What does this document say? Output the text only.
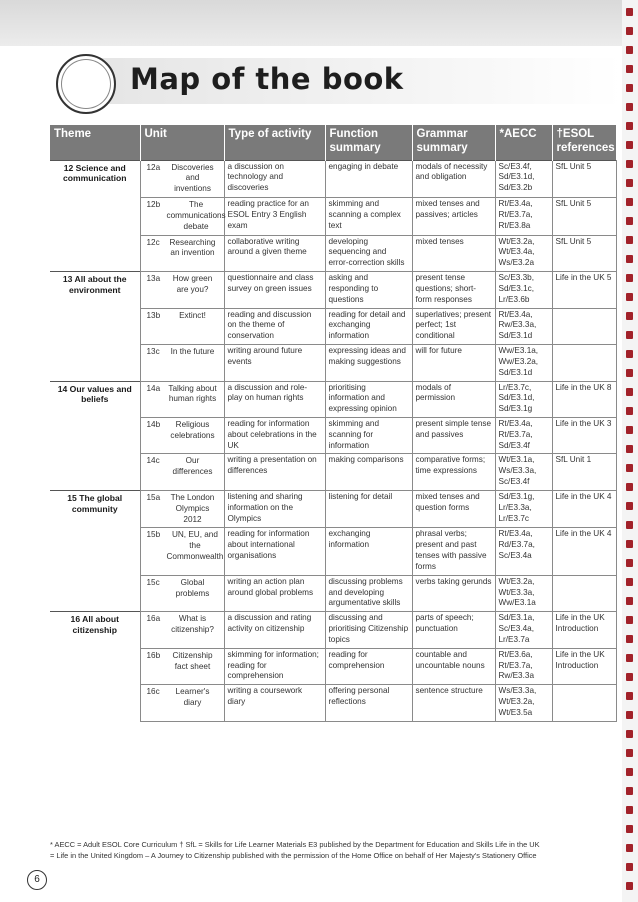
Map of the book
Theme	Unit	Type of activity	Function summary	Grammar summary	*AECC	†ESOL references
12 Science and communication	12a Discoveries and inventions	a discussion on technology and discoveries	engaging in debate	modals of necessity and obligation	Sc/E3.4f, Sd/E3.1d, Sd/E3.2b	SfL Unit 5

	12b The communications debate	reading practice for an ESOL Entry 3 English exam	skimming and scanning a complex text	mixed tenses and passives; articles	Rt/E3.4a, Rt/E3.7a, Rt/E3.8a	SfL Unit 5

	12c Researching an invention	collaborative writing around a given theme	developing sequencing and error-correction skills	mixed tenses	Wt/E3.2a, Wt/E3.4a, Ws/E3.2a	SfL Unit 5
13 All about the environment	13a How green are you?	questionnaire and class survey on green issues	asking and responding to questions	present tense questions; short-form responses	Sc/E3.3b, Sd/E3.1c, Lr/E3.6b	Life in the UK 5

	13b Extinct!	reading and discussion on the theme of conservation	reading for detail and exchanging information	superlatives; present perfect; 1st conditional	Rt/E3.4a, Rw/E3.3a, Sd/E3.1d	

	13c In the future	writing around future events	expressing ideas and making suggestions	will for future	Ww/E3.1a, Ww/E3.2a, Sd/E3.1d	
14 Our values and beliefs	14a Talking about human rights	a discussion and role-play on human rights	prioritising information and expressing opinion	modals of permission	Lr/E3.7c, Sd/E3.1d, Sd/E3.1g	Life in the UK 8

	14b Religious celebrations	reading for information about celebrations in the UK	skimming and scanning for information	present simple tense and passives	Rt/E3.4a, Rt/E3.7a, Sd/E3.4f	Life in the UK 3

	14c Our differences	writing a presentation on differences	making comparisons	comparative forms; time expressions	Wt/E3.1a, Ws/E3.3a, Sc/E3.4f	SfL Unit 1
15 The global community	15a The London Olympics 2012	listening and sharing information on the Olympics	listening for detail	mixed tenses and question forms	Sd/E3.1g, Lr/E3.3a, Lr/E3.7c	Life in the UK 4

	15b UN, EU, and the Commonwealth	reading for information about international organisations	exchanging information	phrasal verbs; present and past tenses with passive forms	Rt/E3.4a, Rd/E3.7a, Sc/E3.4a	Life in the UK 4

	15c Global problems	writing an action plan around global problems	discussing problems and developing argumentative skills	verbs taking gerunds	Wt/E3.2a, Wt/E3.3a, Ww/E3.1a	
16 All about citizenship	16a What is citizenship?	a discussion and rating activity on citizenship	discussing and prioritising Citizenship topics	parts of speech; punctuation	Sd/E3.1a, Sc/E3.4a, Lr/E3.7a	Life in the UK Introduction

	16b Citizenship fact sheet	skimming for information; reading for comprehension	reading for comprehension	countable and uncountable nouns	Rt/E3.6a, Rt/E3.7a, Rw/E3.3a	Life in the UK Introduction

	16c Learner's diary	writing a coursework diary	offering personal reflections	sentence structure	Ws/E3.3a, Wt/E3.2a, Wt/E3.5a	

* AECC = Adult ESOL Core Curriculum † SfL = Skills for Life Learner Materials E3 published by the Department for Education and Skills Life in the UK
= Life in the United Kingdom – A Journey to Citizenship published with the permission of the Home Office on behalf of Her Majesty's Stationery Office

6
